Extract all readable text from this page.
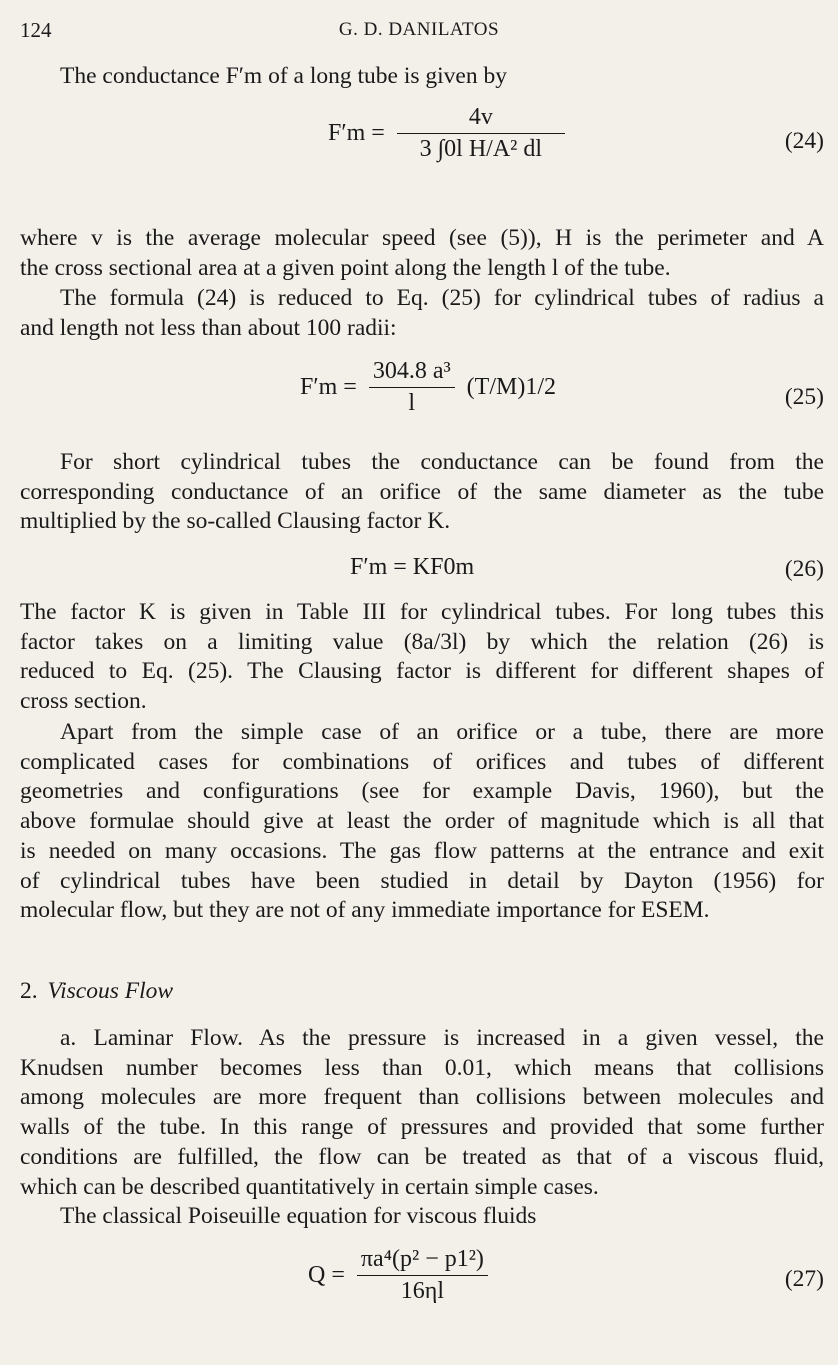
124	G. D. DANILATOS
The conductance F′m of a long tube is given by
$F'm = \frac{4v}{\text{3 ∫0l H/A² dl}}$	(24)
where v is the average molecular speed (see (5)), H is the perimeter and A
the cross sectional area at a given point along the length l of the tube.
The formula (24) is reduced to Eq. (25) for cylindrical tubes of radius a
and length not less than about 100 radii:
$F'm = \frac{\text{304.8 a³}}{l} (T/M)1/2$	(25)
For short cylindrical tubes the conductance can be found from the
corresponding conductance of an orifice of the same diameter as the tube
multiplied by the so-called Clausing factor K.
F′m = KF0m	(26)
The factor K is given in Table III for cylindrical tubes. For long tubes this
factor takes on a limiting value (8a/3l) by which the relation (26) is
reduced to Eq. (25). The Clausing factor is different for different shapes of
cross section.
Apart from the simple case of an orifice or a tube, there are more
complicated cases for combinations of orifices and tubes of different
geometries and configurations (see for example Davis, 1960), but the
above formulae should give at least the order of magnitude which is all that
is needed on many occasions. The gas flow patterns at the entrance and exit
of cylindrical tubes have been studied in detail by Dayton (1956) for
molecular flow, but they are not of any immediate importance for ESEM.
2. Viscous Flow
a. Laminar Flow. As the pressure is increased in a given vessel, the
Knudsen number becomes less than 0.01, which means that collisions
among molecules are more frequent than collisions between molecules and
walls of the tube. In this range of pressures and provided that some further
conditions are fulfilled, the flow can be treated as that of a viscous fluid,
which can be described quantitatively in certain simple cases.
The classical Poiseuille equation for viscous fluids
$Q = \frac{\text{πa⁴(p² − p1²)}}{16\eta l}$	(27)
